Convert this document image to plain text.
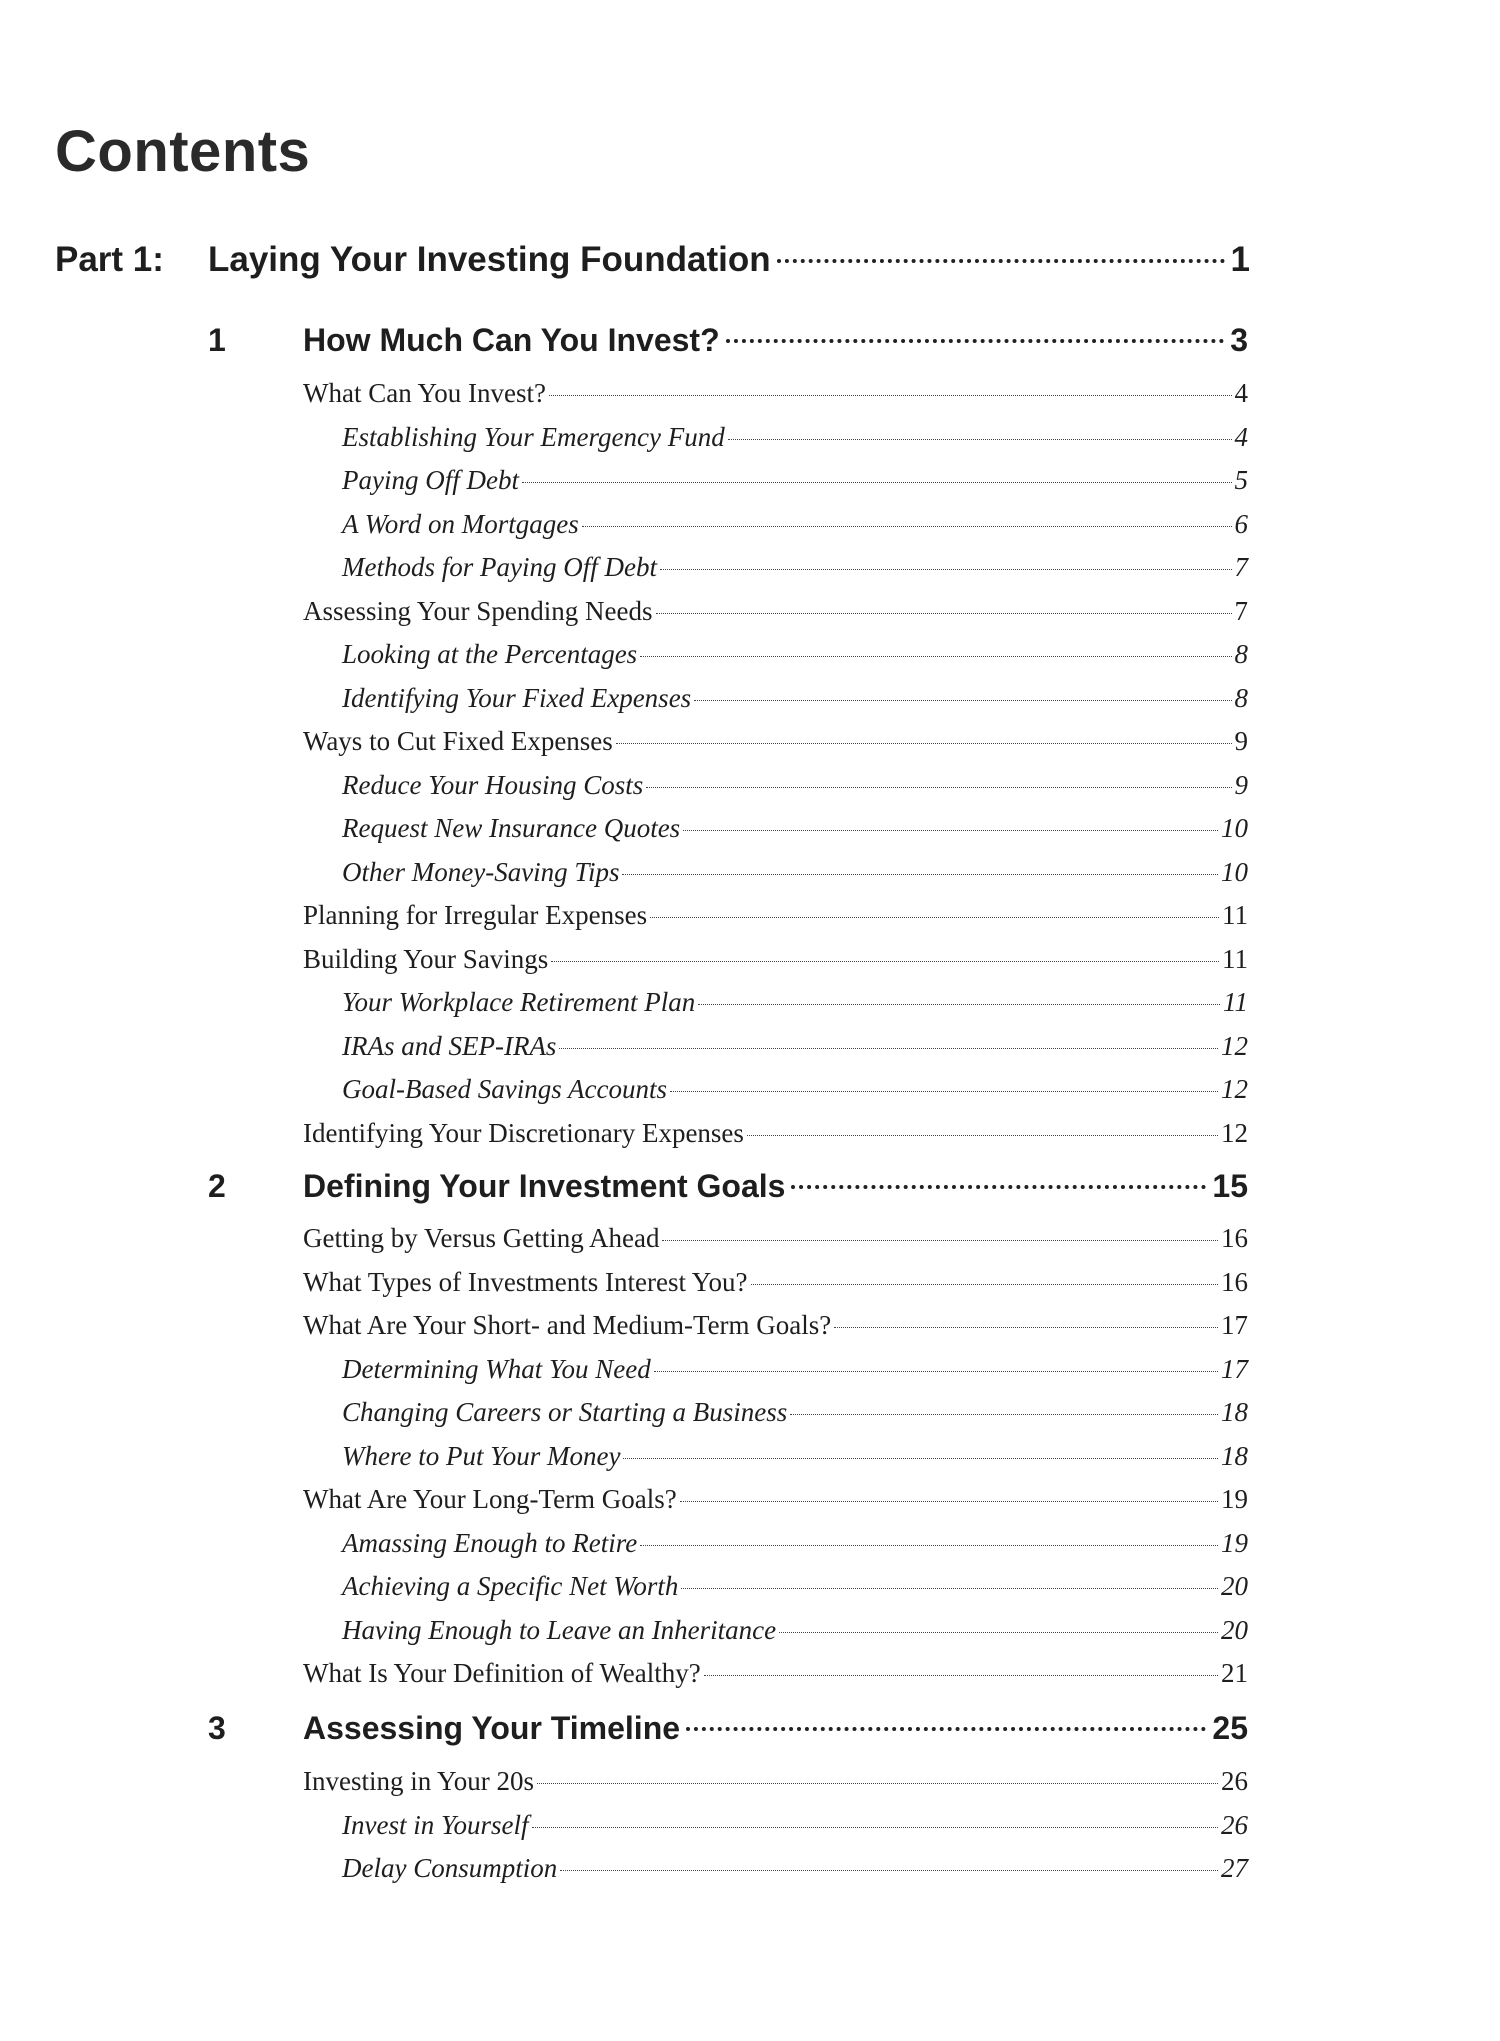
Contents
Part 1:	Laying Your Investing Foundation	1
1	How Much Can You Invest?	3
What Can You Invest?	4
Establishing Your Emergency Fund	4
Paying Off Debt	5
A Word on Mortgages	6
Methods for Paying Off Debt	7
Assessing Your Spending Needs	7
Looking at the Percentages	8
Identifying Your Fixed Expenses	8
Ways to Cut Fixed Expenses	9
Reduce Your Housing Costs	9
Request New Insurance Quotes	10
Other Money-Saving Tips	10
Planning for Irregular Expenses	11
Building Your Savings	11
Your Workplace Retirement Plan	11
IRAs and SEP-IRAs	12
Goal-Based Savings Accounts	12
Identifying Your Discretionary Expenses	12
2	Defining Your Investment Goals	15
Getting by Versus Getting Ahead	16
What Types of Investments Interest You?	16
What Are Your Short- and Medium-Term Goals?	17
Determining What You Need	17
Changing Careers or Starting a Business	18
Where to Put Your Money	18
What Are Your Long-Term Goals?	19
Amassing Enough to Retire	19
Achieving a Specific Net Worth	20
Having Enough to Leave an Inheritance	20
What Is Your Definition of Wealthy?	21
3	Assessing Your Timeline	25
Investing in Your 20s	26
Invest in Yourself	26
Delay Consumption	27
